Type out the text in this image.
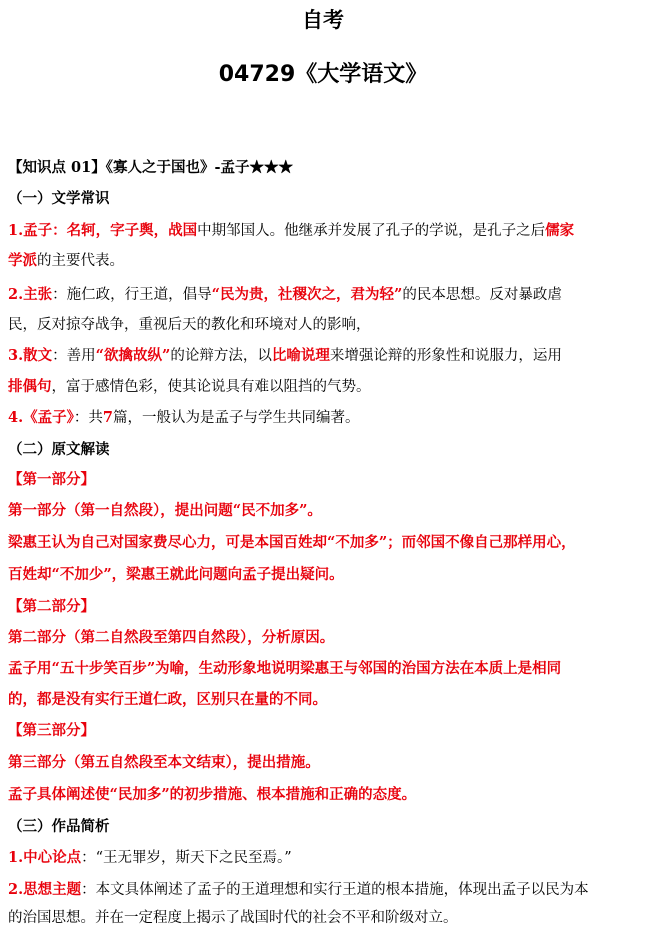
自考
04729《大学语文》
【知识点 01】《寡人之于国也》-孟子★★★
（一）文学常识
1.孟子：名轲，字子舆，战国中期邹国人。他继承并发展了孔子的学说，是孔子之后儒家
学派的主要代表。
2.主张：施仁政，行王道，倡导“民为贵，社稷次之，君为轻”的民本思想。反对暴政虐
民，反对掠夺战争，重视后天的教化和环境对人的影响，
3.散文：善用“欲擒故纵”的论辩方法，以比喻说理来增强论辩的形象性和说服力，运用
排偶句，富于感情色彩，使其论说具有难以阻挡的气势。
4.《孟子》：共7篇，一般认为是孟子与学生共同编著。
（二）原文解读
【第一部分】
第一部分（第一自然段），提出问题“民不加多”。
梁惠王认为自己对国家费尽心力，可是本国百姓却“不加多”；而邻国不像自己那样用心，
百姓却“不加少”，梁惠王就此问题向孟子提出疑问。
【第二部分】
第二部分（第二自然段至第四自然段），分析原因。
孟子用“五十步笑百步”为喻，生动形象地说明梁惠王与邻国的治国方法在本质上是相同
的，都是没有实行王道仁政，区别只在量的不同。
【第三部分】
第三部分（第五自然段至本文结束），提出措施。
孟子具体阐述使“民加多”的初步措施、根本措施和正确的态度。
（三）作品简析
1.中心论点：“王无罪岁，斯天下之民至焉。”
2.思想主题：本文具体阐述了孟子的王道理想和实行王道的根本措施，体现出孟子以民为本
的治国思想。并在一定程度上揭示了战国时代的社会不平和阶级对立。
